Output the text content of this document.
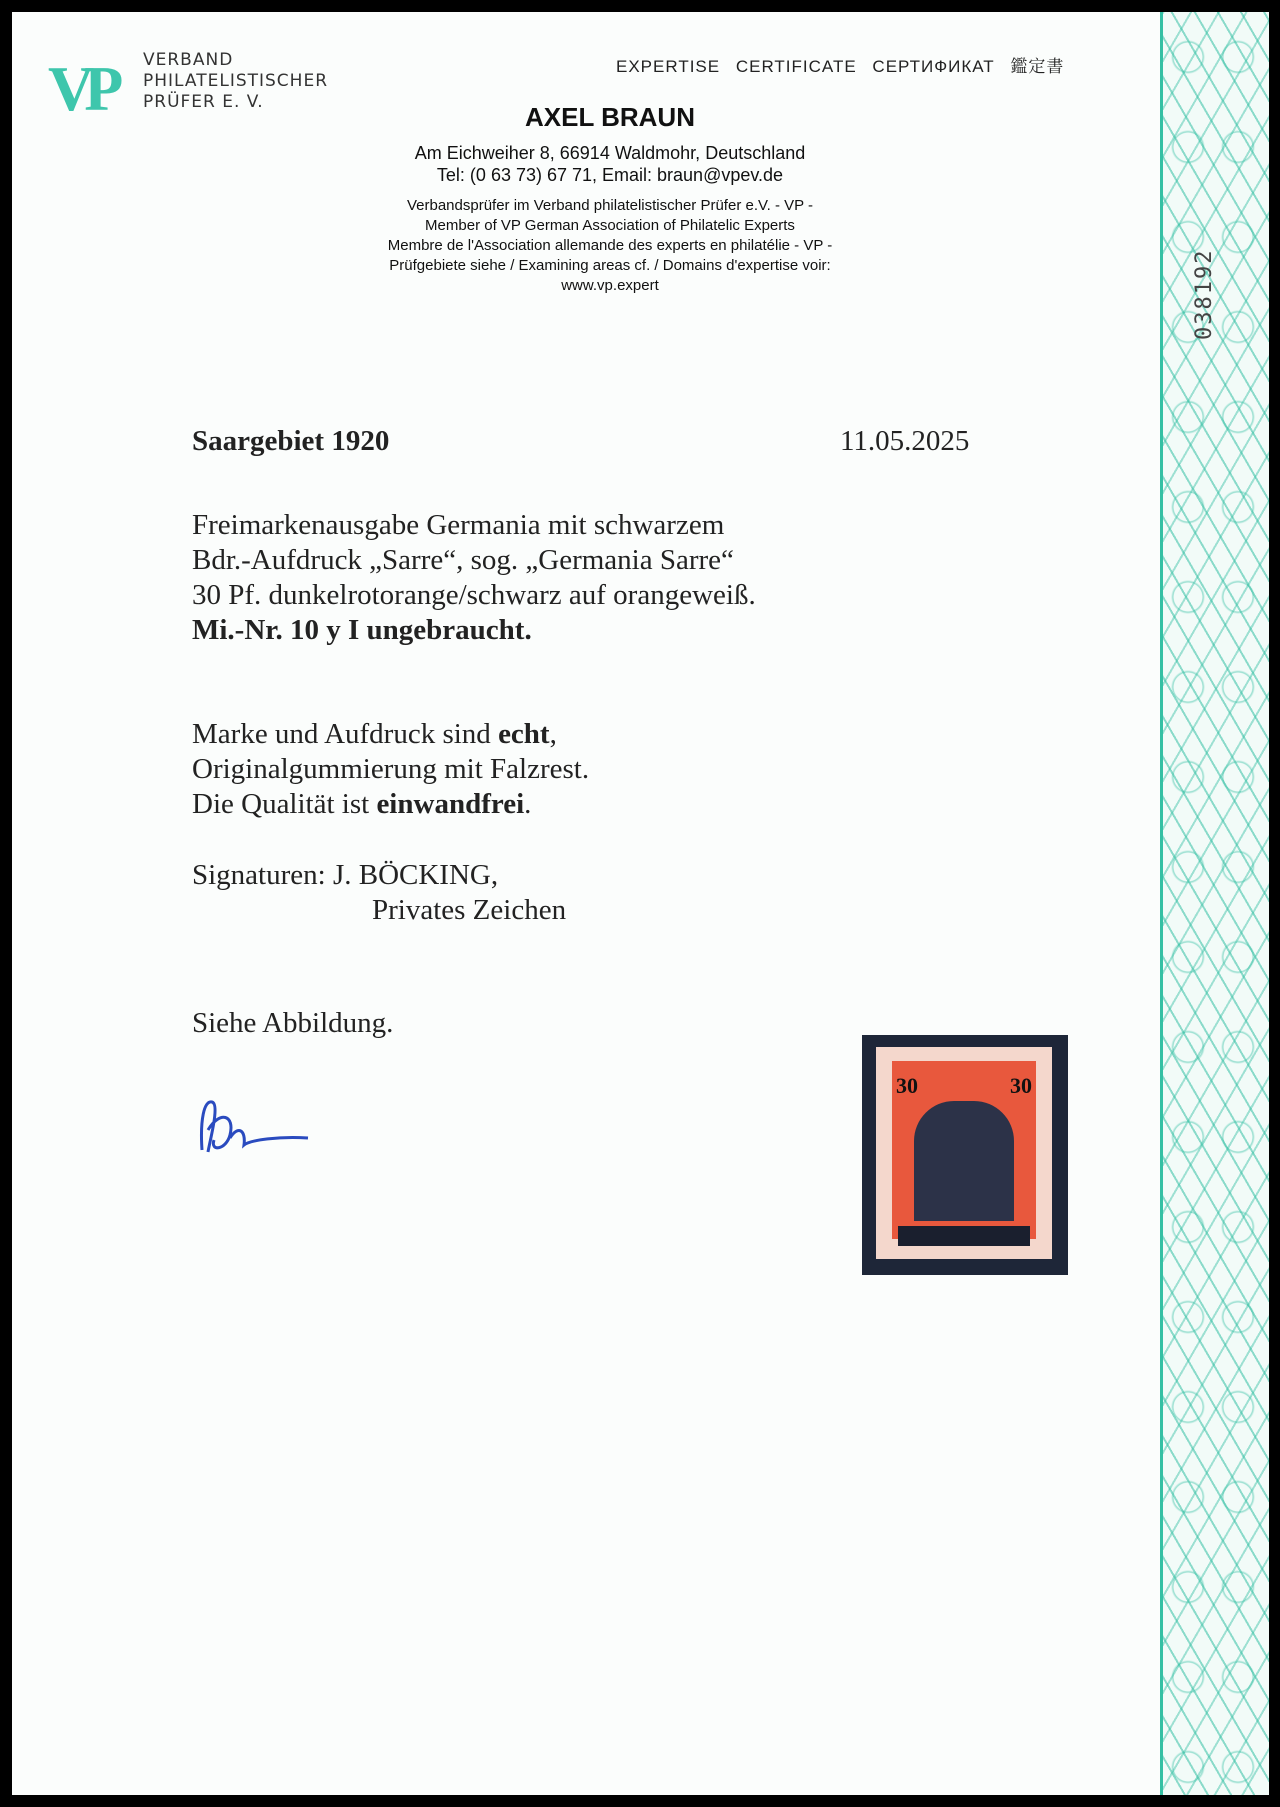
038192
VP VERBAND
PHILATELISTISCHER
PRÜFER E. V.
EXPERTISE CERTIFICATE СЕРТИФИКАТ 鑑定書
AXEL BRAUN
Am Eichweiher 8, 66914 Waldmohr, Deutschland
Tel: (0 63 73) 67 71, Email: braun@vpev.de
Verbandsprüfer im Verband philatelistischer Prüfer e.V. - VP -
Member of VP German Association of Philatelic Experts
Membre de l'Association allemande des experts en philatélie - VP -
Prüfgebiete siehe / Examining areas cf. / Domains d'expertise voir:
www.vp.expert
Saargebiet 1920	11.05.2025
Freimarkenausgabe Germania mit schwarzem
Bdr.-Aufdruck „Sarre“, sog. „Germania Sarre“
30 Pf. dunkelrotorange/schwarz auf orangeweiß.
Mi.-Nr. 10 y I ungebraucht.
Marke und Aufdruck sind echt,
Originalgummierung mit Falzrest.
Die Qualität ist einwandfrei.
Signaturen: J. BÖCKING,
Privates Zeichen
Siehe Abbildung.
30	30
